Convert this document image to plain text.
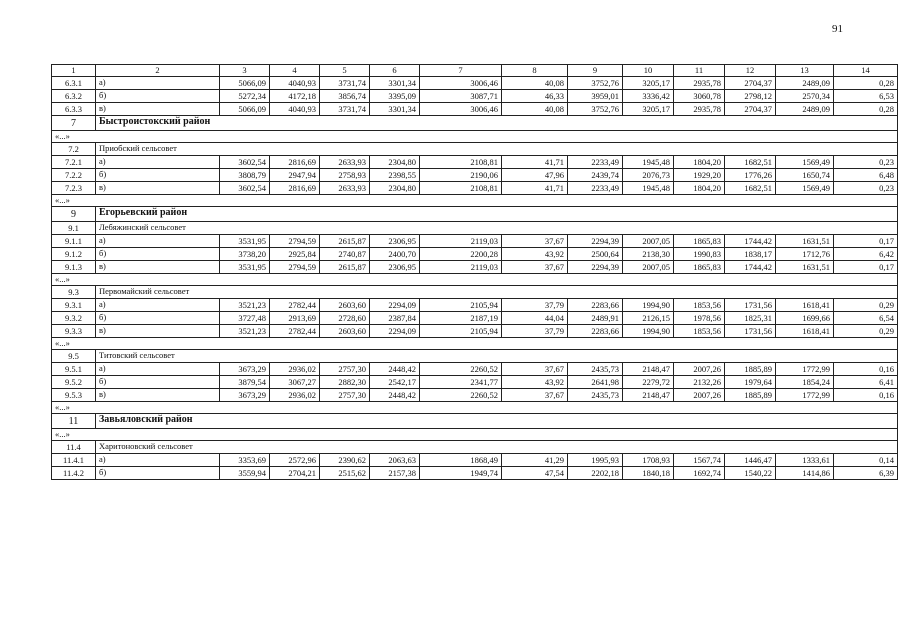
91
1	2	3	4	5	6	7	8	9	10	11	12	13	14
6.3.1	а)	5066,09	4040,93	3731,74	3301,34	3006,46	40,08	3752,76	3205,17	2935,78	2704,37	2489,09	0,28
6.3.2	б)	5272,34	4172,18	3856,74	3395,09	3087,71	46,33	3959,01	3336,42	3060,78	2798,12	2570,34	6,53
6.3.3	в)	5066,09	4040,93	3731,74	3301,34	3006,46	40,08	3752,76	3205,17	2935,78	2704,37	2489,09	0,28
7	Быстроистокский район												
«...»													
7.2	Приобский сельсовет												
7.2.1	а)	3602,54	2816,69	2633,93	2304,80	2108,81	41,71	2233,49	1945,48	1804,20	1682,51	1569,49	0,23
7.2.2	б)	3808,79	2947,94	2758,93	2398,55	2190,06	47,96	2439,74	2076,73	1929,20	1776,26	1650,74	6,48
7.2.3	в)	3602,54	2816,69	2633,93	2304,80	2108,81	41,71	2233,49	1945,48	1804,20	1682,51	1569,49	0,23
«...»													
9	Егорьевский район												
9.1	Лебяжинский сельсовет												
9.1.1	а)	3531,95	2794,59	2615,87	2306,95	2119,03	37,67	2294,39	2007,05	1865,83	1744,42	1631,51	0,17
9.1.2	б)	3738,20	2925,84	2740,87	2400,70	2200,28	43,92	2500,64	2138,30	1990,83	1838,17	1712,76	6,42
9.1.3	в)	3531,95	2794,59	2615,87	2306,95	2119,03	37,67	2294,39	2007,05	1865,83	1744,42	1631,51	0,17
«...»													
9.3	Первомайский сельсовет												
9.3.1	а)	3521,23	2782,44	2603,60	2294,09	2105,94	37,79	2283,66	1994,90	1853,56	1731,56	1618,41	0,29
9.3.2	б)	3727,48	2913,69	2728,60	2387,84	2187,19	44,04	2489,91	2126,15	1978,56	1825,31	1699,66	6,54
9.3.3	в)	3521,23	2782,44	2603,60	2294,09	2105,94	37,79	2283,66	1994,90	1853,56	1731,56	1618,41	0,29
«...»													
9.5	Титовский сельсовет												
9.5.1	а)	3673,29	2936,02	2757,30	2448,42	2260,52	37,67	2435,73	2148,47	2007,26	1885,89	1772,99	0,16
9.5.2	б)	3879,54	3067,27	2882,30	2542,17	2341,77	43,92	2641,98	2279,72	2132,26	1979,64	1854,24	6,41
9.5.3	в)	3673,29	2936,02	2757,30	2448,42	2260,52	37,67	2435,73	2148,47	2007,26	1885,89	1772,99	0,16
«...»													
11	Завьяловский район												
«...»													
11.4	Харитоновский сельсовет												
11.4.1	а)	3353,69	2572,96	2390,62	2063,63	1868,49	41,29	1995,93	1708,93	1567,74	1446,47	1333,61	0,14
11.4.2	б)	3559,94	2704,21	2515,62	2157,38	1949,74	47,54	2202,18	1840,18	1692,74	1540,22	1414,86	6,39
